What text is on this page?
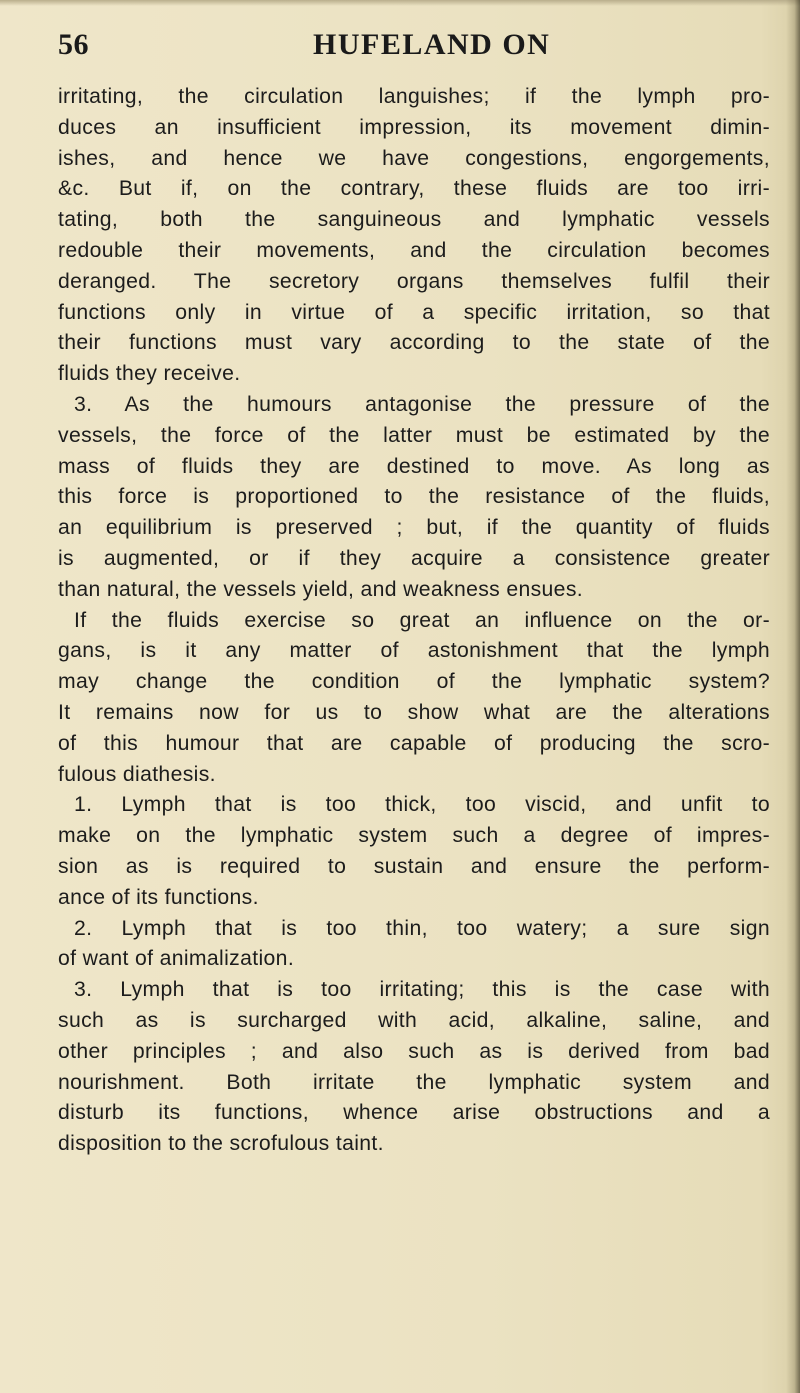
56	HUFELAND ON
irritating, the circulation languishes; if the lymph pro-
duces an insufficient impression, its movement dimin-
ishes, and hence we have congestions, engorgements,
&c. But if, on the contrary, these fluids are too irri-
tating, both the sanguineous and lymphatic vessels
redouble their movements, and the circulation becomes
deranged. The secretory organs themselves fulfil their
functions only in virtue of a specific irritation, so that
their functions must vary according to the state of the
fluids they receive.
3. As the humours antagonise the pressure of the
vessels, the force of the latter must be estimated by the
mass of fluids they are destined to move. As long as
this force is proportioned to the resistance of the fluids,
an equilibrium is preserved ; but, if the quantity of fluids
is augmented, or if they acquire a consistence greater
than natural, the vessels yield, and weakness ensues.
If the fluids exercise so great an influence on the or-
gans, is it any matter of astonishment that the lymph
may change the condition of the lymphatic system?
It remains now for us to show what are the alterations
of this humour that are capable of producing the scro-
fulous diathesis.
1. Lymph that is too thick, too viscid, and unfit to
make on the lymphatic system such a degree of impres-
sion as is required to sustain and ensure the perform-
ance of its functions.
2. Lymph that is too thin, too watery; a sure sign
of want of animalization.
3. Lymph that is too irritating; this is the case with
such as is surcharged with acid, alkaline, saline, and
other principles ; and also such as is derived from bad
nourishment. Both irritate the lymphatic system and
disturb its functions, whence arise obstructions and a
disposition to the scrofulous taint.
